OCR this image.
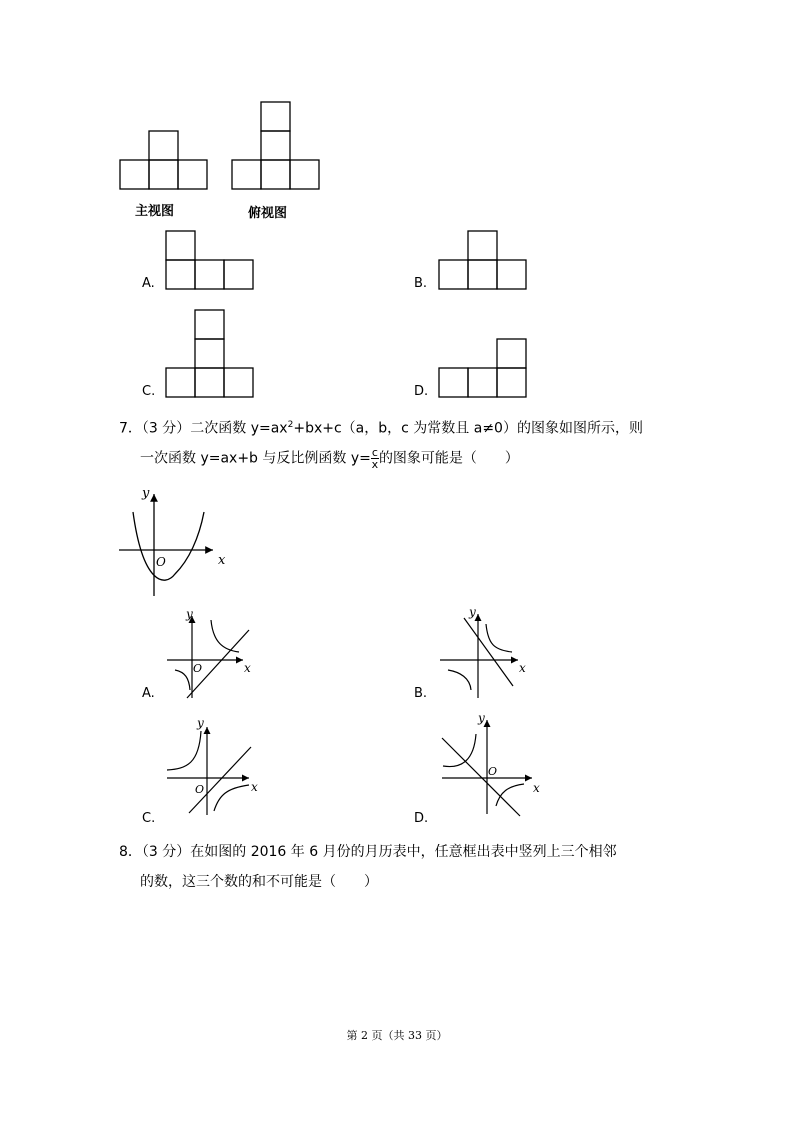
主视图	俯视图
A.	B.
C.	D.
7．（3 分）二次函数 $y=ax^2+bx+c(a$，b，c 为常数且 a≠0）的图象如图所示，则
一次函数 y=ax+b 与反比例函数 $y= \frac{c}{x}$ 的图象可能是（　　）
y
x
O
A.
y
x
O
B.
y
x
C.
y
x
O
D.
y
x
O
8．（3 分）在如图的 2016 年 6 月份的月历表中，任意框出表中竖列上三个相邻
的数，这三个数的和不可能是（　　）
第 2 页（共 33 页）
